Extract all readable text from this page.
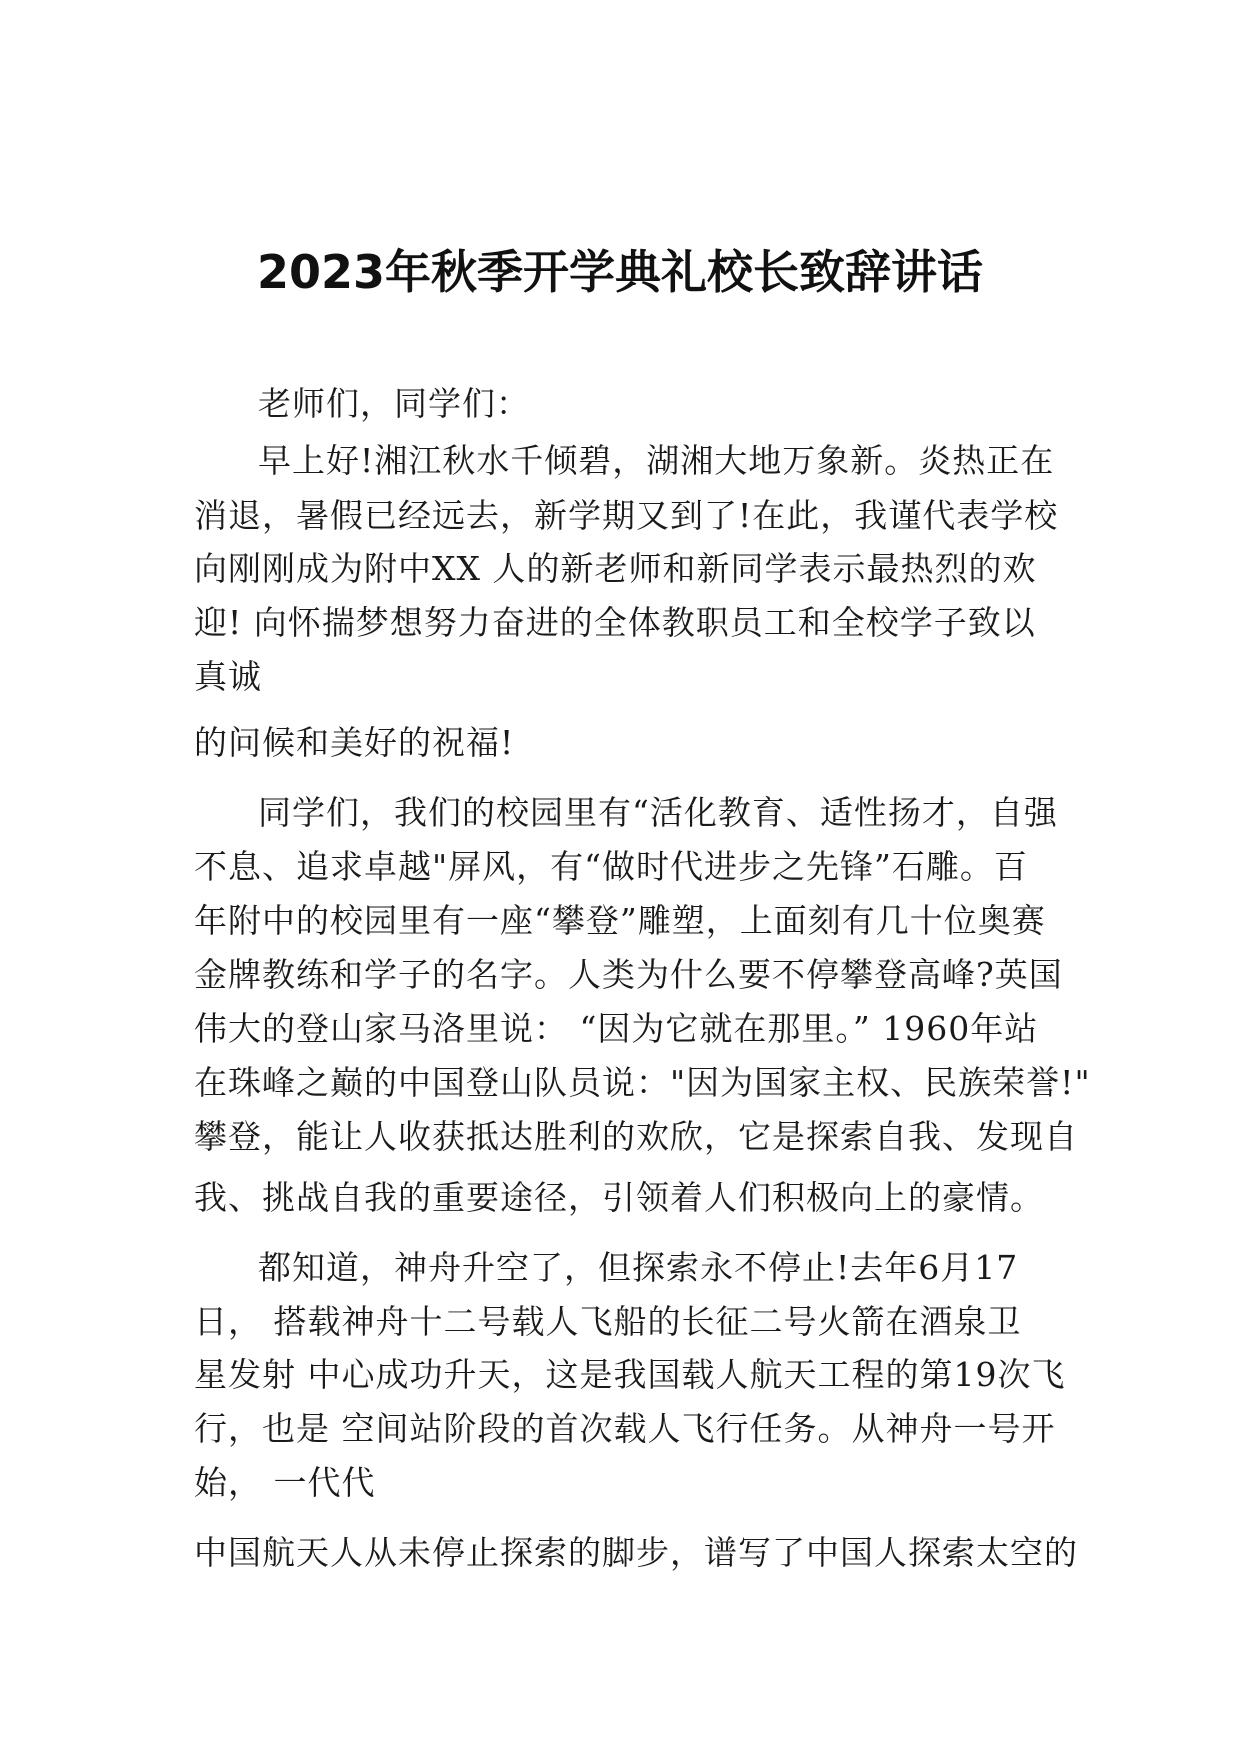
2023年秋季开学典礼校长致辞讲话
老师们，同学们：
早上好!湘江秋水千倾碧，湖湘大地万象新。炎热正在
消退，暑假已经远去，新学期又到了!在此，我谨代表学校
向刚刚成为附中XX 人的新老师和新同学表示最热烈的欢
迎! 向怀揣梦想努力奋进的全体教职员工和全校学子致以
真诚
的问候和美好的祝福!
同学们，我们的校园里有“活化教育、适性扬才，自强
不息、追求卓越"屏风，有“做时代进步之先锋”石雕。百
年附中的校园里有一座“攀登”雕塑，上面刻有几十位奥赛
金牌教练和学子的名字。人类为什么要不停攀登高峰?英国
伟大的登山家马洛里说： “因为它就在那里。” 1960年站
在珠峰之巅的中国登山队员说："因为国家主权、民族荣誉!"
攀登，能让人收获抵达胜利的欢欣，它是探索自我、发现自
我、挑战自我的重要途径，引领着人们积极向上的豪情。
都知道，神舟升空了，但探索永不停止!去年6月17
日， 搭载神舟十二号载人飞船的长征二号火箭在酒泉卫
星发射 中心成功升天，这是我国载人航天工程的第19次飞
行，也是 空间站阶段的首次载人飞行任务。从神舟一号开
始， 一代代
中国航天人从未停止探索的脚步，谱写了中国人探索太空的
